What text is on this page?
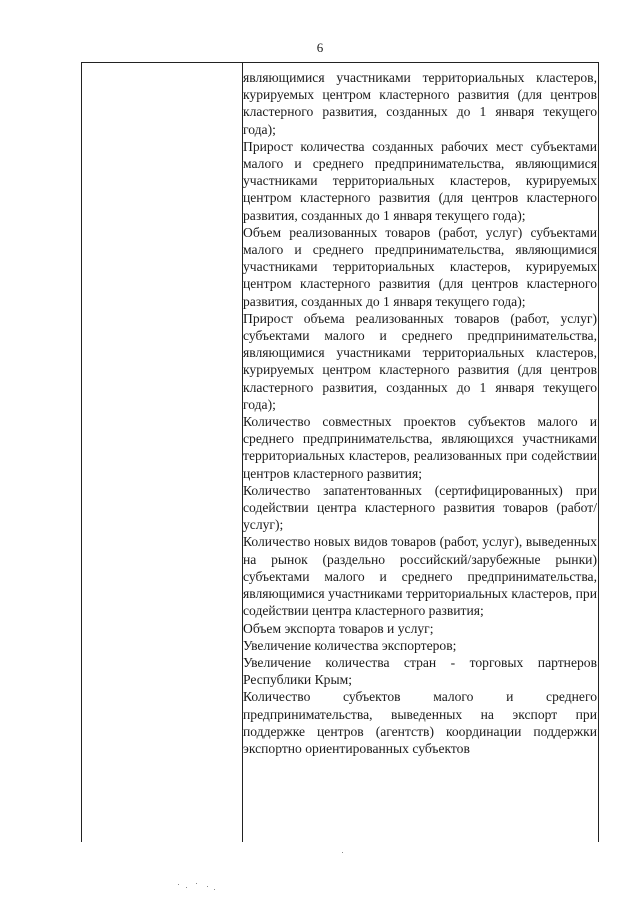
6

являющимися участниками территориальных кластеров, курируемых центром кластерного развития (для центров кластерного развития, созданных до 1 января текущего года);

Прирост количества созданных рабочих мест субъектами малого и среднего предпринимательства, являющимися участниками территориальных кластеров, курируемых центром кластерного развития (для центров кластерного развития, созданных до 1 января текущего года);

Объем реализованных товаров (работ, услуг) субъектами малого и среднего предпринимательства, являющимися участниками территориальных кластеров, курируемых центром кластерного развития (для центров кластерного развития, созданных до 1 января текущего года);

Прирост объема реализованных товаров (работ, услуг) субъектами малого и среднего предпринимательства, являющимися участниками территориальных кластеров, курируемых центром кластерного развития (для центров кластерного развития, созданных до 1 января текущего года);

Количество совместных проектов субъектов малого и среднего предпринимательства, являющихся участниками территориальных кластеров, реализованных при содействии центров кластерного развития;

Количество запатентованных (сертифицированных) при содействии центра кластерного развития товаров (работ/услуг);

Количество новых видов товаров (работ, услуг), выведенных на рынок (раздельно российский/зарубежные рынки) субъектами малого и среднего предпринимательства, являющимися участниками территориальных кластеров, при содействии центра кластерного развития;

Объем экспорта товаров и услуг;

Увеличение количества экспортеров;

Увеличение количества стран - торговых партнеров Республики Крым;

Количество субъектов малого и среднего предпринимательства, выведенных на экспорт при поддержке центров (агентств) координации поддержки экспортно ориентированных субъектов
